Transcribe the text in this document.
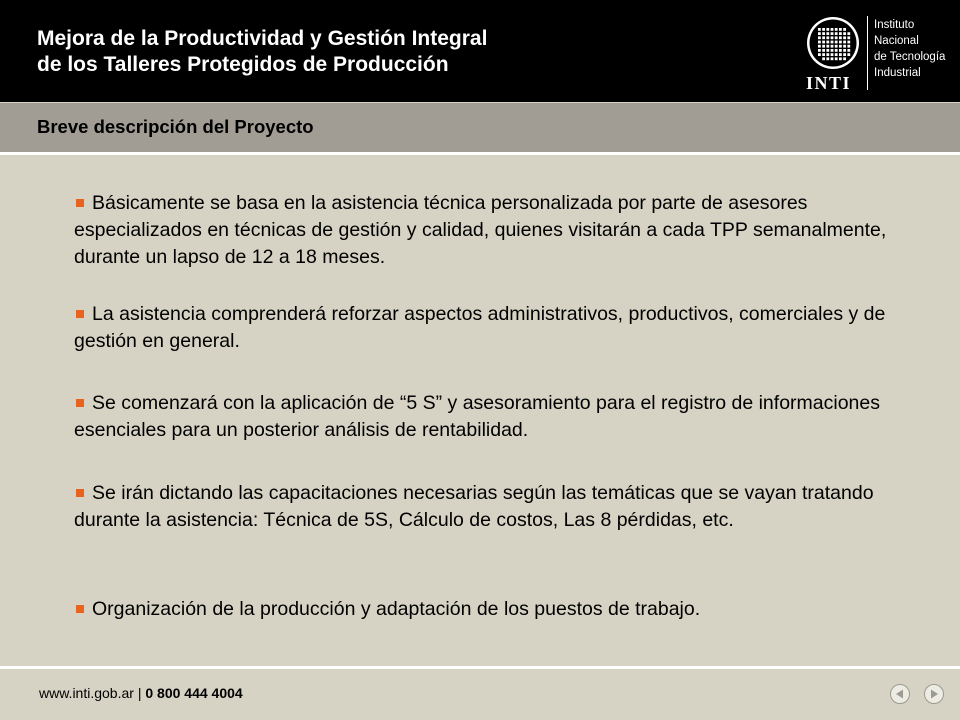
Mejora de la Productividad y Gestión Integral
de los Talleres Protegidos de Producción
INTI
Instituto
Nacional
de Tecnología
Industrial
Breve descripción del Proyecto
Básicamente se basa en la asistencia técnica personalizada por parte de asesores especializados en técnicas de gestión y calidad, quienes visitarán a cada TPP semanalmente, durante un lapso de 12 a 18 meses.
La asistencia comprenderá reforzar aspectos administrativos, productivos, comerciales y de gestión en general.
Se comenzará con la aplicación de “5 S” y asesoramiento para el registro de informaciones esenciales para un posterior análisis de rentabilidad.
Se irán dictando las capacitaciones necesarias según las temáticas que se vayan tratando durante la asistencia: Técnica de 5S, Cálculo de costos, Las 8 pérdidas, etc.
Organización de la producción y adaptación de los puestos de trabajo.
www.inti.gob.ar | 0 800 444 4004
